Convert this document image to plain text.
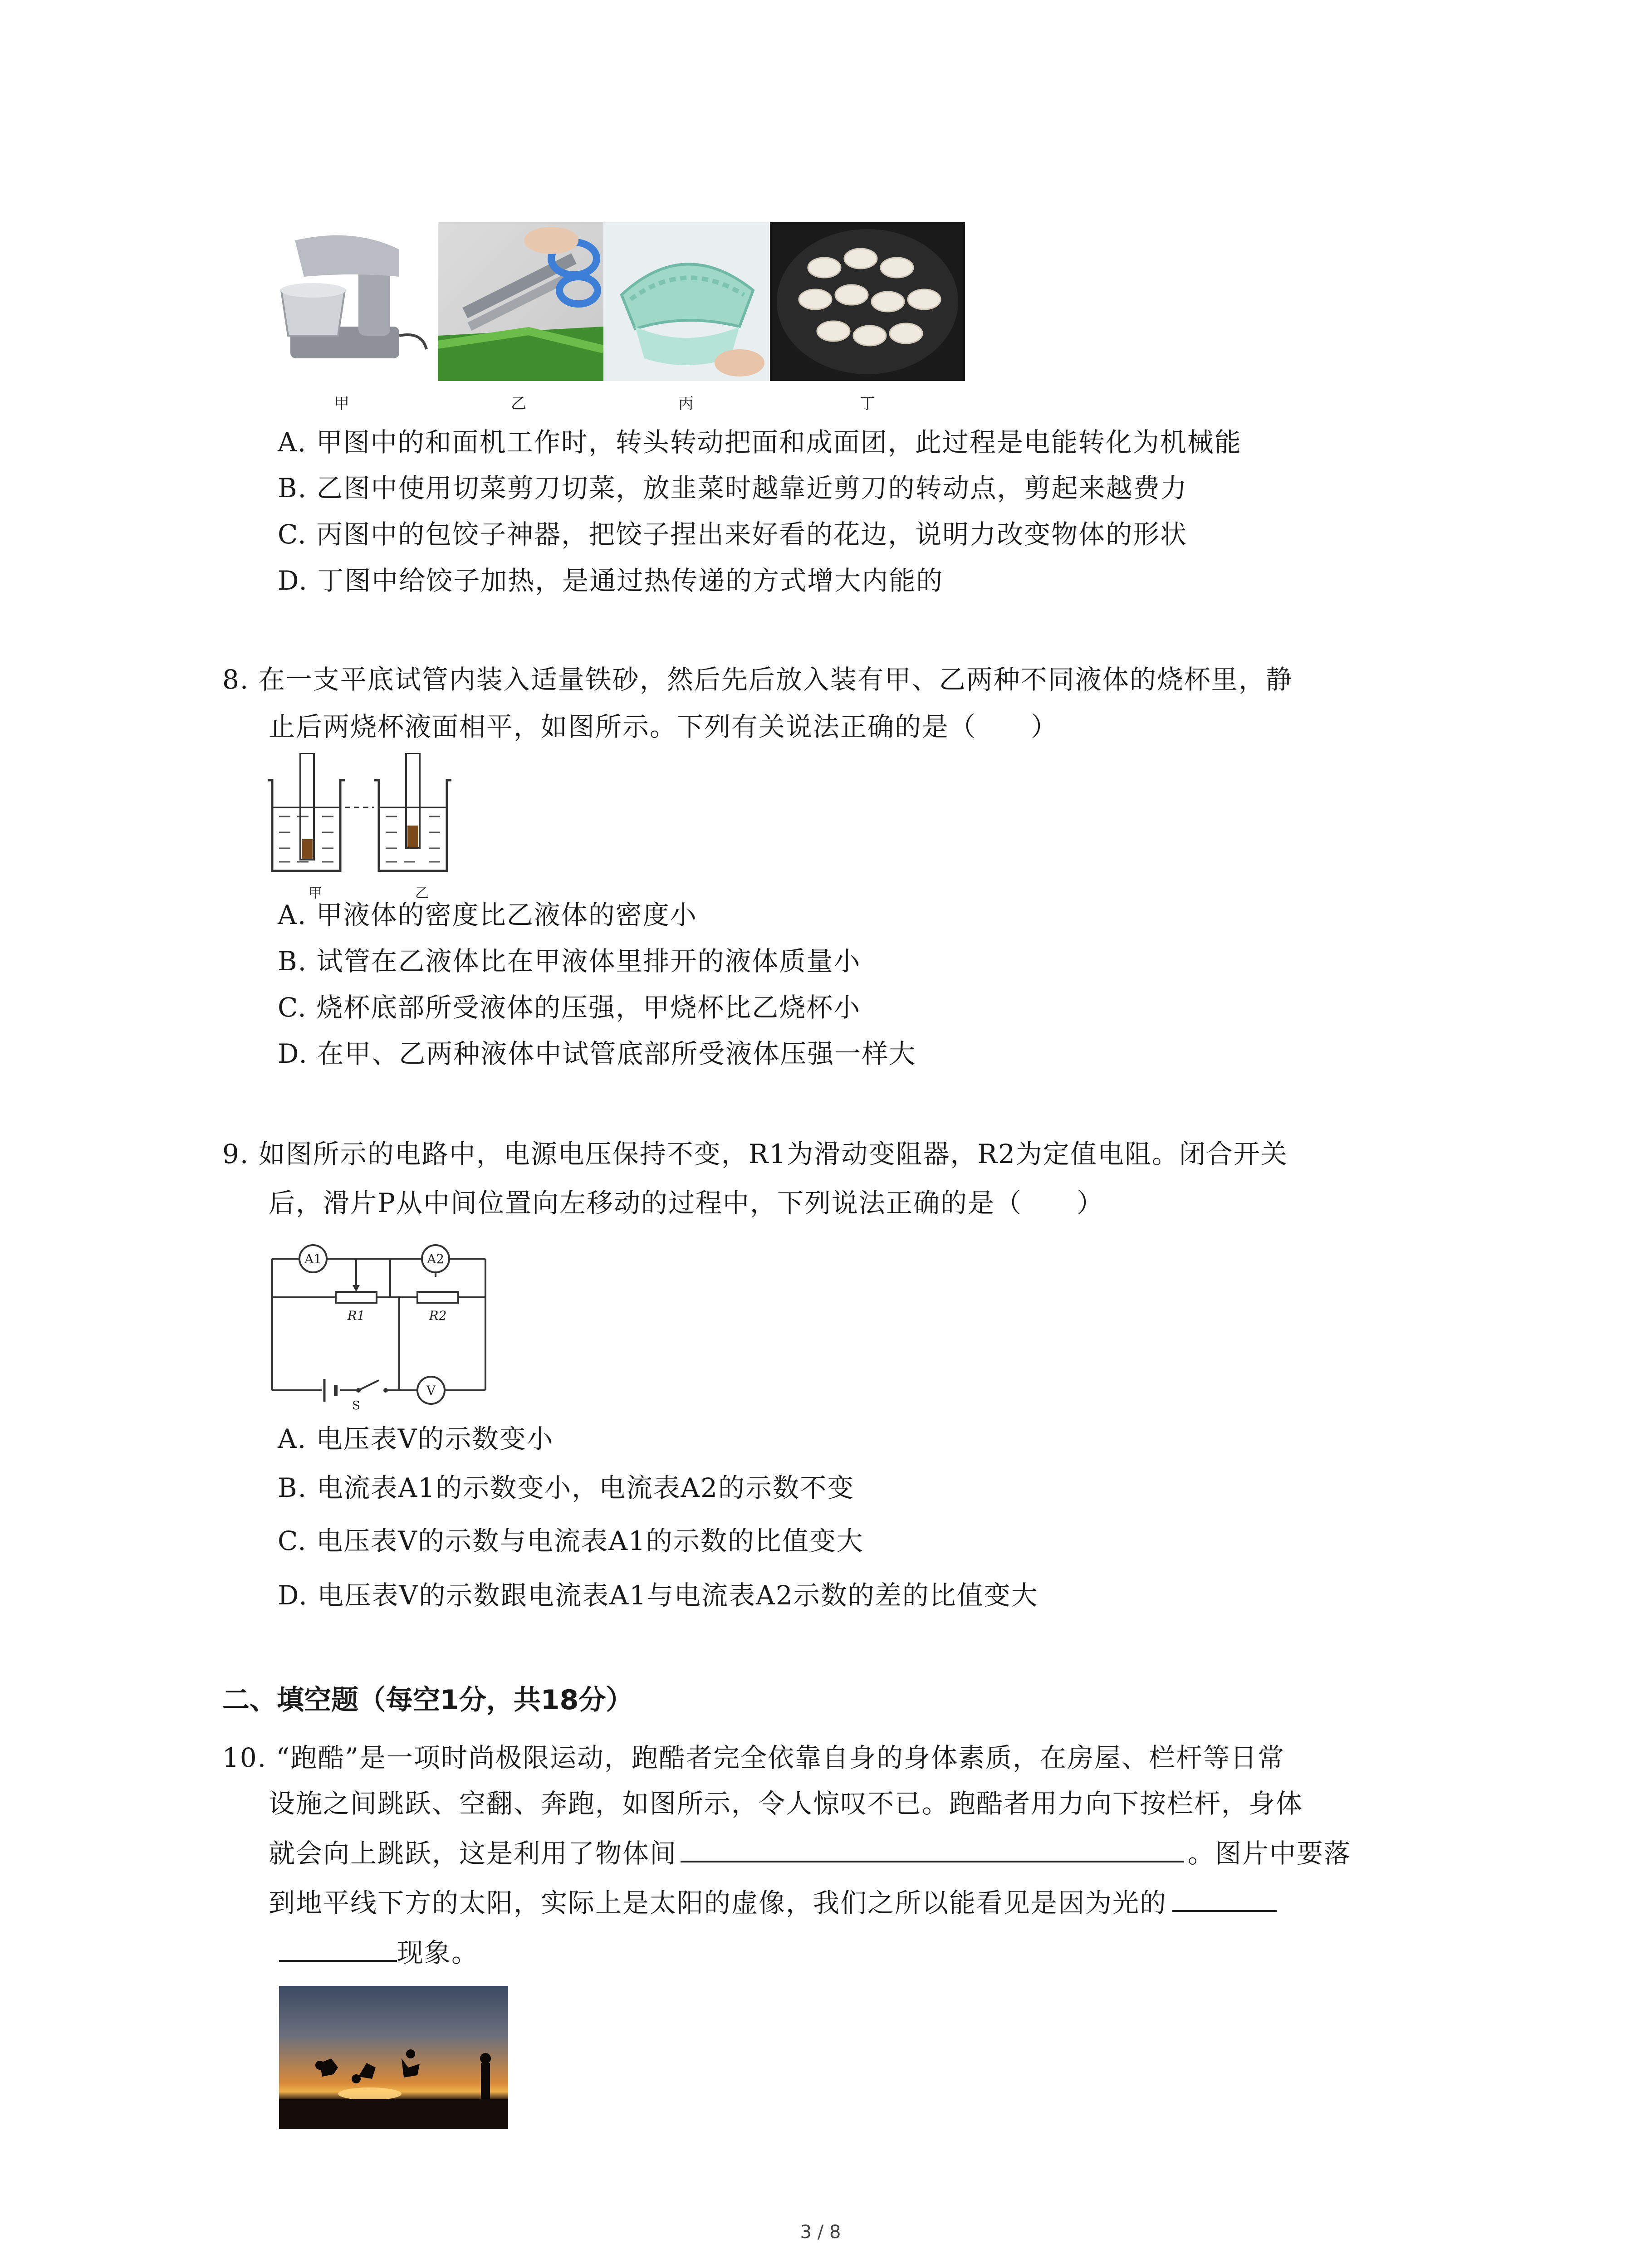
甲	乙	丙	丁
A. 甲图中的和面机工作时，转头转动把面和成面团，此过程是电能转化为机械能
B. 乙图中使用切菜剪刀切菜，放韭菜时越靠近剪刀的转动点，剪起来越费力
C. 丙图中的包饺子神器，把饺子捏出来好看的花边，说明力改变物体的形状
D. 丁图中给饺子加热，是通过热传递的方式增大内能的
8. 在一支平底试管内装入适量铁砂，然后先后放入装有甲、乙两种不同液体的烧杯里，静
止后两烧杯液面相平，如图所示。下列有关说法正确的是（　　）
甲	乙
A. 甲液体的密度比乙液体的密度小
B. 试管在乙液体比在甲液体里排开的液体质量小
C. 烧杯底部所受液体的压强，甲烧杯比乙烧杯小
D. 在甲、乙两种液体中试管底部所受液体压强一样大
9. 如图所示的电路中，电源电压保持不变，R1为滑动变阻器，R2为定值电阻。闭合开关
后，滑片P从中间位置向左移动的过程中，下列说法正确的是（　　）
A1	A2
V
R1	R2
S
A. 电压表V的示数变小
B. 电流表A1的示数变小，电流表A2的示数不变
C. 电压表V的示数与电流表A1的示数的比值变大
D. 电压表V的示数跟电流表A1与电流表A2示数的差的比值变大
二、填空题（每空1分，共18分）
10. “跑酷”是一项时尚极限运动，跑酷者完全依靠自身的身体素质，在房屋、栏杆等日常
设施之间跳跃、空翻、奔跑，如图所示，令人惊叹不已。跑酷者用力向下按栏杆，身体
就会向上跳跃，这是利用了物体间	。图片中要落
到地平线下方的太阳，实际上是太阳的虚像，我们之所以能看见是因为光的
现象。
3 / 8
